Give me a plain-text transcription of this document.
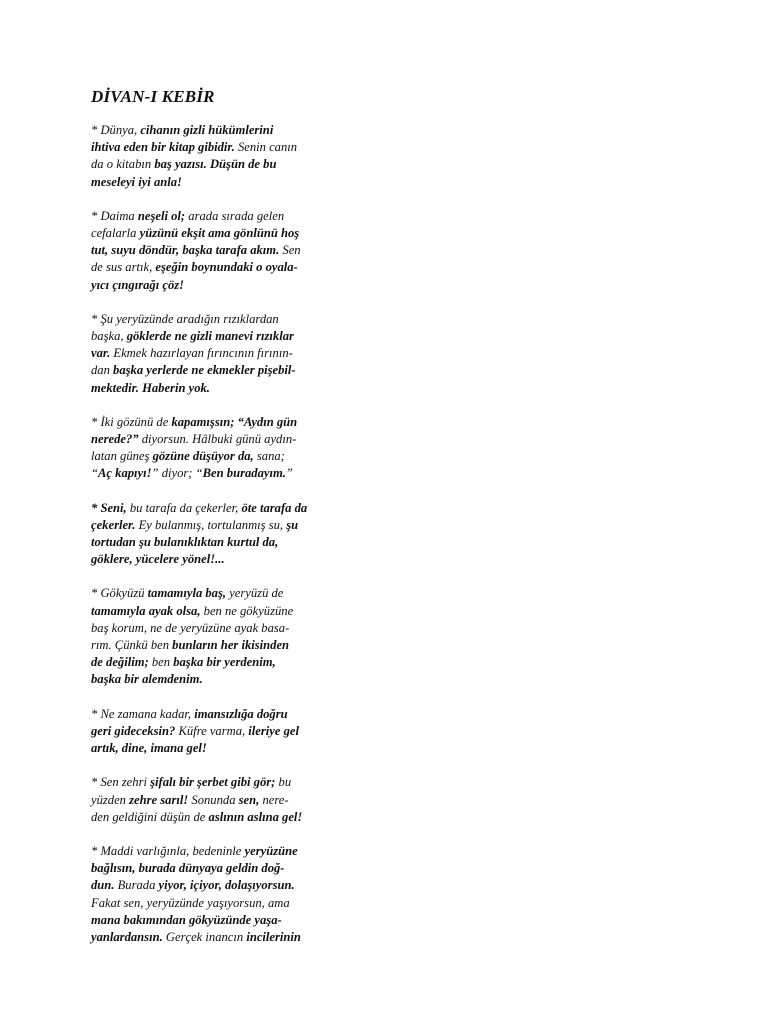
DİVAN-I KEBİR
* Dünya, cihanın gizli hükümlerini
ihtiva eden bir kitap gibidir. Senin canın
da o kitabın baş yazısı. Düşün de bu
meseleyi iyi anla!
* Daima neşeli ol; arada sırada gelen
cefalarla yüzünü ekşit ama gönlünü hoş
tut, suyu döndür, başka tarafa akım. Sen
de sus artık, eşeğin boynundaki o oyala-
yıcı çıngırağı çöz!
* Şu yeryüzünde aradığın rızıklardan
başka, göklerde ne gizli manevi rızıklar
var. Ekmek hazırlayan fırıncının fırının-
dan başka yerlerde ne ekmekler pişebil-
mektedir. Haberin yok.
* İki gözünü de kapamışsın; “Aydın gün
nerede?” diyorsun. Hâlbuki günü aydın-
latan güneş gözüne düşüyor da, sana;
“Aç kapıyı!” diyor; “Ben buradayım.”
* Seni, bu tarafa da çekerler, öte tarafa da
çekerler. Ey bulanmış, tortulanmış su, şu
tortudan şu bulanıklıktan kurtul da,
göklere, yücelere yönel!...
* Gökyüzü tamamıyla baş, yeryüzü de
tamamıyla ayak olsa, ben ne gökyüzüne
baş korum, ne de yeryüzüne ayak basa-
rım. Çünkü ben bunların her ikisinden
de değilim; ben başka bir yerdenim,
başka bir alemdenim.
* Ne zamana kadar, imansızlığa doğru
geri gideceksin? Küfre varma, ileriye gel
artık, dine, imana gel!
* Sen zehri şifalı bir şerbet gibi gör; bu
yüzden zehre sarıl! Sonunda sen, nere-
den geldiğini düşün de aslının aslına gel!
* Maddi varlığınla, bedeninle yeryüzüne
bağlısın, burada dünyaya geldin doğ-
dun. Burada yiyor, içiyor, dolaşıyorsun.
Fakat sen, yeryüzünde yaşıyorsun, ama
mana bakımından gökyüzünde yaşa-
yanlardansın. Gerçek inancın incilerinin
